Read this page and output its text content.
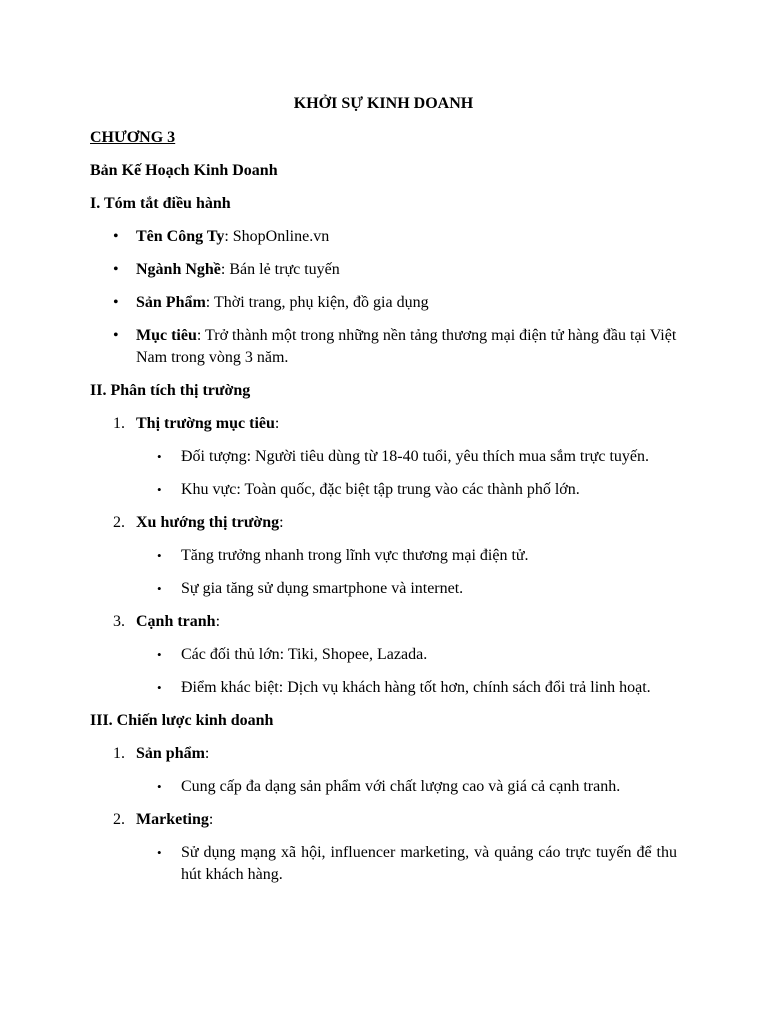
KHỞI SỰ KINH DOANH
CHƯƠNG 3
Bản Kế Hoạch Kinh Doanh
I. Tóm tắt điều hành
• Tên Công Ty: ShopOnline.vn
• Ngành Nghề: Bán lẻ trực tuyến
• Sản Phẩm: Thời trang, phụ kiện, đồ gia dụng
• Mục tiêu: Trở thành một trong những nền tảng thương mại điện tử hàng đầu tại Việt Nam trong vòng 3 năm.
II. Phân tích thị trường
1. Thị trường mục tiêu:
• Đối tượng: Người tiêu dùng từ 18-40 tuổi, yêu thích mua sắm trực tuyến.
• Khu vực: Toàn quốc, đặc biệt tập trung vào các thành phố lớn.
2. Xu hướng thị trường:
• Tăng trưởng nhanh trong lĩnh vực thương mại điện tử.
• Sự gia tăng sử dụng smartphone và internet.
3. Cạnh tranh:
• Các đối thủ lớn: Tiki, Shopee, Lazada.
• Điểm khác biệt: Dịch vụ khách hàng tốt hơn, chính sách đổi trả linh hoạt.
III. Chiến lược kinh doanh
1. Sản phẩm:
• Cung cấp đa dạng sản phẩm với chất lượng cao và giá cả cạnh tranh.
2. Marketing:
• Sử dụng mạng xã hội, influencer marketing, và quảng cáo trực tuyến để thu hút khách hàng.
